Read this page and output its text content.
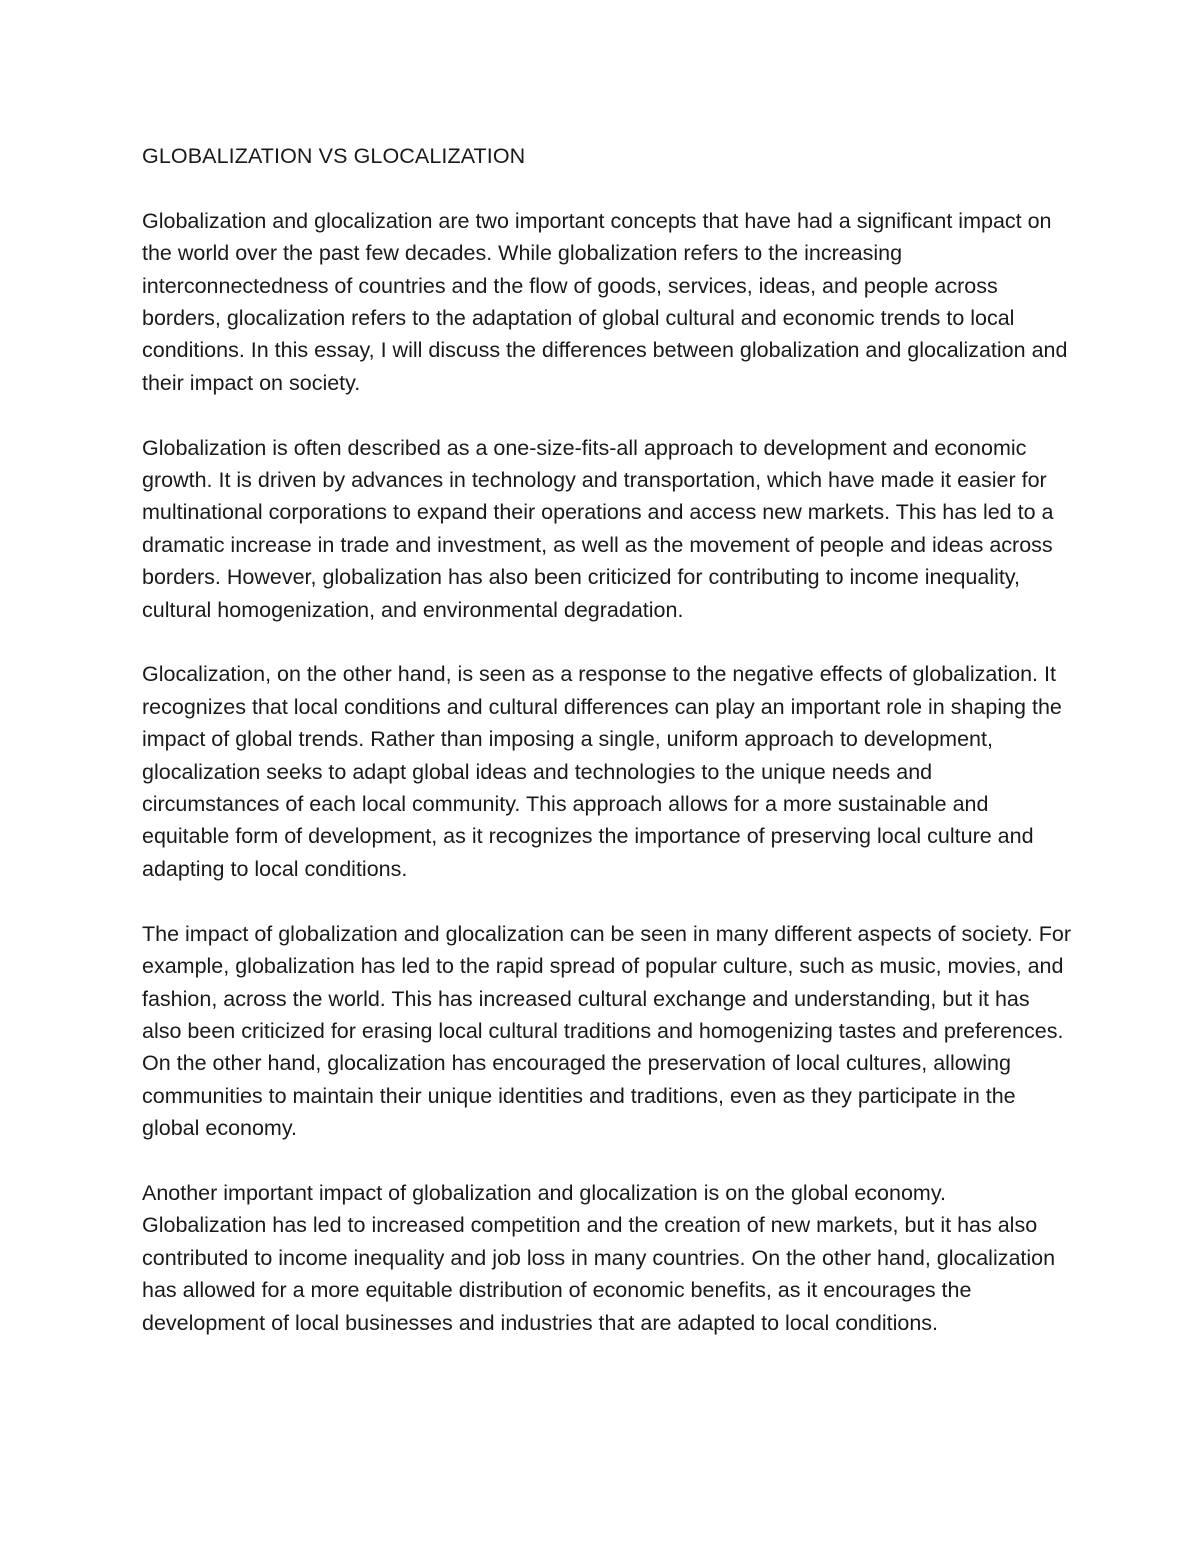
GLOBALIZATION VS GLOCALIZATION

Globalization and glocalization are two important concepts that have had a significant impact on the world over the past few decades. While globalization refers to the increasing interconnectedness of countries and the flow of goods, services, ideas, and people across borders, glocalization refers to the adaptation of global cultural and economic trends to local conditions. In this essay, I will discuss the differences between globalization and glocalization and their impact on society.

Globalization is often described as a one-size-fits-all approach to development and economic growth. It is driven by advances in technology and transportation, which have made it easier for multinational corporations to expand their operations and access new markets. This has led to a dramatic increase in trade and investment, as well as the movement of people and ideas across borders. However, globalization has also been criticized for contributing to income inequality, cultural homogenization, and environmental degradation.

Glocalization, on the other hand, is seen as a response to the negative effects of globalization. It recognizes that local conditions and cultural differences can play an important role in shaping the impact of global trends. Rather than imposing a single, uniform approach to development, glocalization seeks to adapt global ideas and technologies to the unique needs and circumstances of each local community. This approach allows for a more sustainable and equitable form of development, as it recognizes the importance of preserving local culture and adapting to local conditions.

The impact of globalization and glocalization can be seen in many different aspects of society. For example, globalization has led to the rapid spread of popular culture, such as music, movies, and fashion, across the world. This has increased cultural exchange and understanding, but it has also been criticized for erasing local cultural traditions and homogenizing tastes and preferences. On the other hand, glocalization has encouraged the preservation of local cultures, allowing communities to maintain their unique identities and traditions, even as they participate in the global economy.

Another important impact of globalization and glocalization is on the global economy. Globalization has led to increased competition and the creation of new markets, but it has also contributed to income inequality and job loss in many countries. On the other hand, glocalization has allowed for a more equitable distribution of economic benefits, as it encourages the development of local businesses and industries that are adapted to local conditions.
